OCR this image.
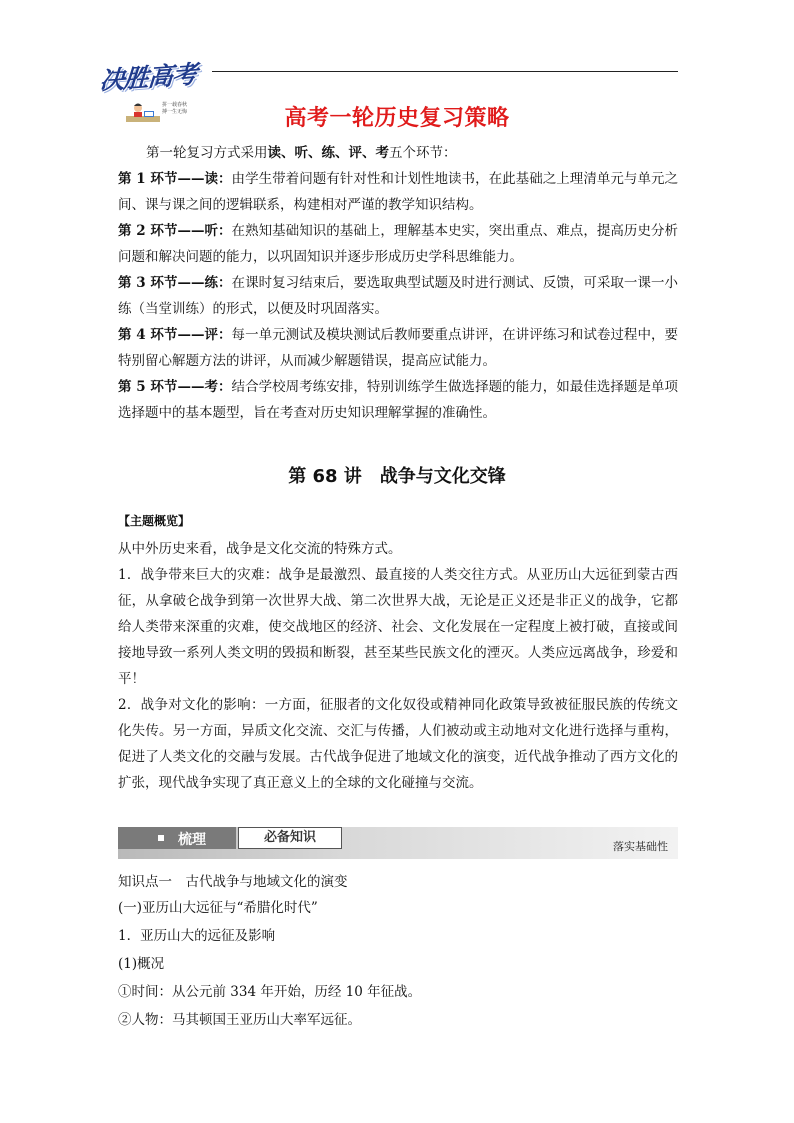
决胜高考
拼一载春秋
搏一生无悔	高考一轮历史复习策略
第一轮复习方式采用读、听、练、评、考五个环节：
第 1 环节——读：由学生带着问题有针对性和计划性地读书，在此基础之上理清单元与单元之间、课与课之间的逻辑联系，构建相对严谨的教学知识结构。
第 2 环节——听：在熟知基础知识的基础上，理解基本史实，突出重点、难点，提高历史分析问题和解决问题的能力，以巩固知识并逐步形成历史学科思维能力。
第 3 环节——练：在课时复习结束后，要选取典型试题及时进行测试、反馈，可采取一课一小练（当堂训练）的形式，以便及时巩固落实。
第 4 环节——评：每一单元测试及模块测试后教师要重点讲评，在讲评练习和试卷过程中，要特别留心解题方法的讲评，从而减少解题错误，提高应试能力。
第 5 环节——考：结合学校周考练安排，特别训练学生做选择题的能力，如最佳选择题是单项选择题中的基本题型，旨在考查对历史知识理解掌握的准确性。
第 68 讲 战争与文化交锋
【主题概览】
从中外历史来看，战争是文化交流的特殊方式。
1．战争带来巨大的灾难：战争是最激烈、最直接的人类交往方式。从亚历山大远征到蒙古西征，从拿破仑战争到第一次世界大战、第二次世界大战，无论是正义还是非正义的战争，它都给人类带来深重的灾难，使交战地区的经济、社会、文化发展在一定程度上被打破，直接或间接地导致一系列人类文明的毁损和断裂，甚至某些民族文化的湮灭。人类应远离战争，珍爱和平！
2．战争对文化的影响：一方面，征服者的文化奴役或精神同化政策导致被征服民族的传统文化失传。另一方面，异质文化交流、交汇与传播，人们被动或主动地对文化进行选择与重构，促进了人类文化的交融与发展。古代战争促进了地域文化的演变，近代战争推动了西方文化的扩张，现代战争实现了真正意义上的全球的文化碰撞与交流。
梳理	必备知识
落实基础性
知识点一　古代战争与地域文化的演变
(一)亚历山大远征与“希腊化时代”
1．亚历山大的远征及影响
(1)概况
①时间：从公元前 334 年开始，历经 10 年征战。
②人物：马其顿国王亚历山大率军远征。
